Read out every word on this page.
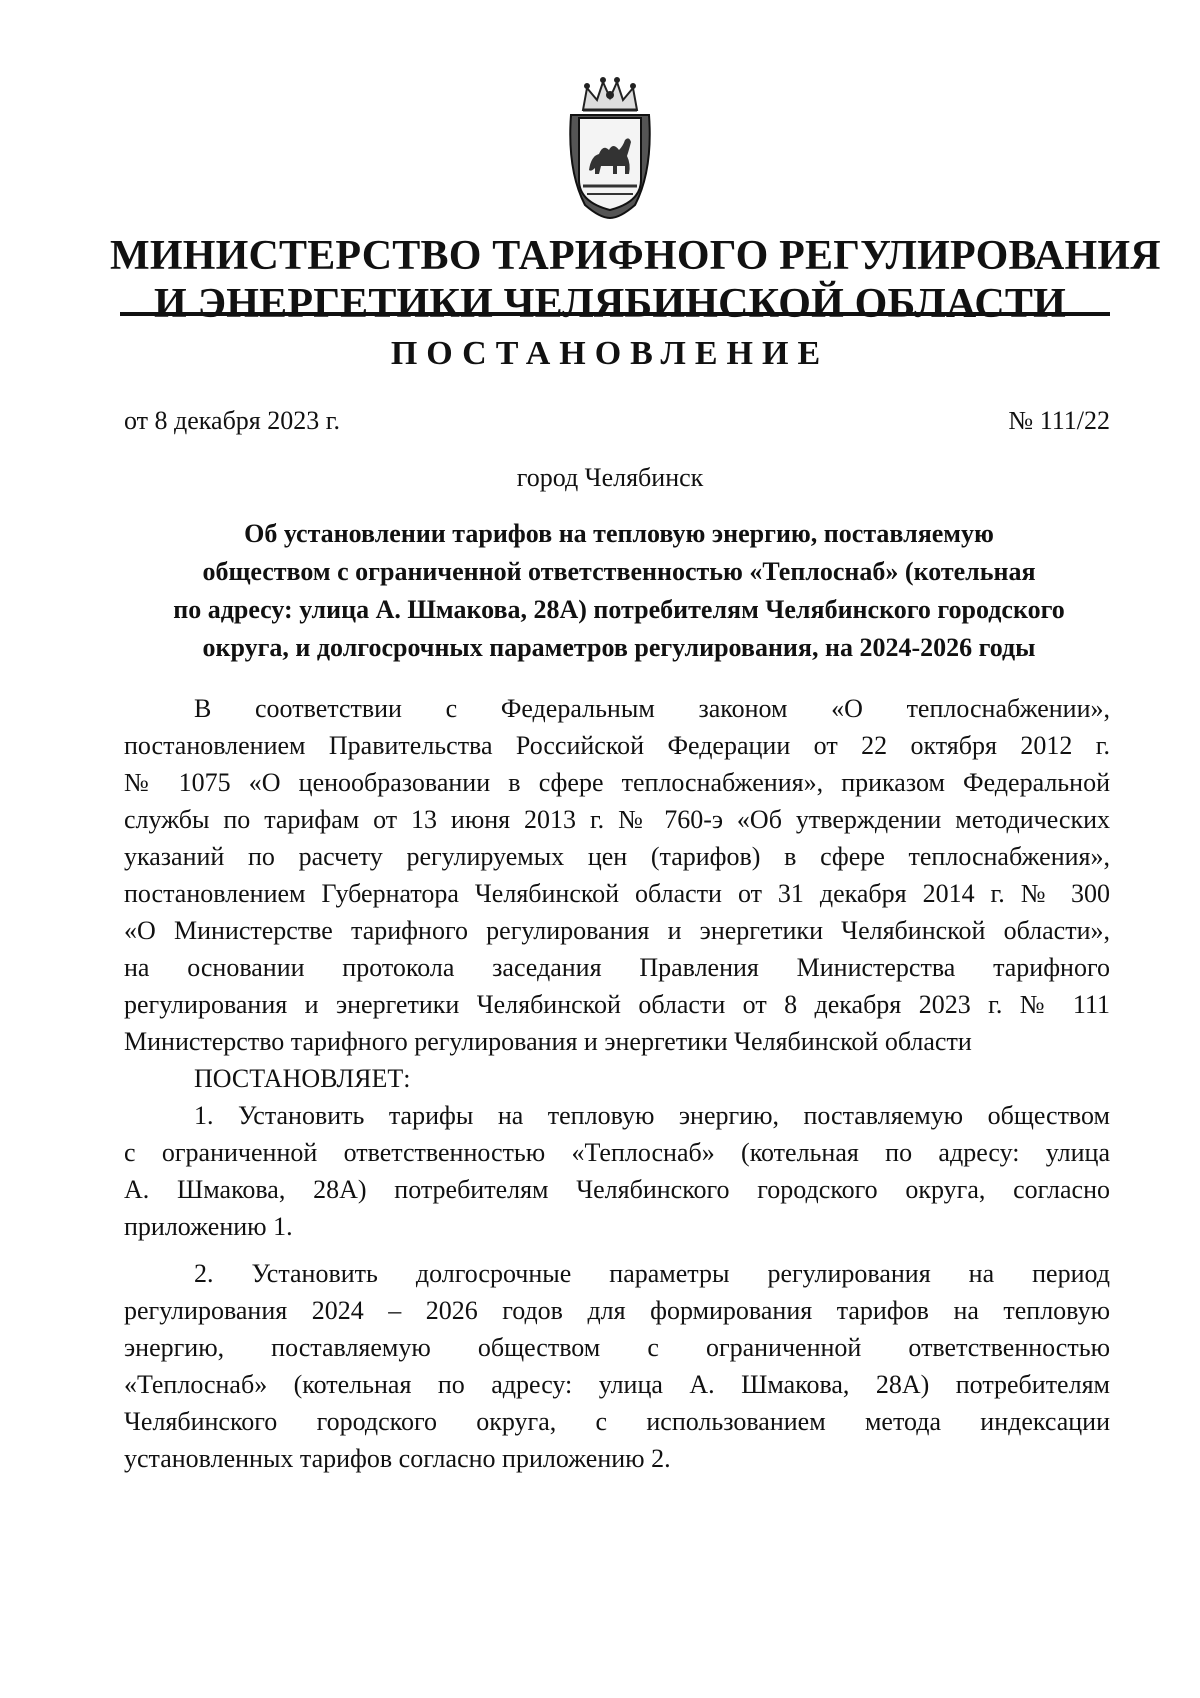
МИНИСТЕРСТВО ТАРИФНОГО РЕГУЛИРОВАНИЯ
И ЭНЕРГЕТИКИ ЧЕЛЯБИНСКОЙ ОБЛАСТИ
ПОСТАНОВЛЕНИЕ
от 8 декабря 2023 г.	№ 111/22
город Челябинск
Об установлении тарифов на тепловую энергию, поставляемую
обществом с ограниченной ответственностью «Теплоснаб» (котельная
по адресу: улица А. Шмакова, 28А) потребителям Челябинского городского
округа, и долгосрочных параметров регулирования, на 2024-2026 годы
В соответствии с Федеральным законом «О теплоснабжении»,
постановлением Правительства Российской Федерации от 22 октября 2012 г.
№ 1075 «О ценообразовании в сфере теплоснабжения», приказом Федеральной
службы по тарифам от 13 июня 2013 г. № 760-э «Об утверждении методических
указаний по расчету регулируемых цен (тарифов) в сфере теплоснабжения»,
постановлением Губернатора Челябинской области от 31 декабря 2014 г. № 300
«О Министерстве тарифного регулирования и энергетики Челябинской области»,
на основании протокола заседания Правления Министерства тарифного
регулирования и энергетики Челябинской области от 8 декабря 2023 г. № 111
Министерство тарифного регулирования и энергетики Челябинской области
ПОСТАНОВЛЯЕТ:
1. Установить тарифы на тепловую энергию, поставляемую обществом
с ограниченной ответственностью «Теплоснаб» (котельная по адресу: улица
А. Шмакова, 28А) потребителям Челябинского городского округа, согласно
приложению 1.
2. Установить долгосрочные параметры регулирования на период
регулирования 2024 – 2026 годов для формирования тарифов на тепловую
энергию, поставляемую обществом с ограниченной ответственностью
«Теплоснаб» (котельная по адресу: улица А. Шмакова, 28А) потребителям
Челябинского городского округа, с использованием метода индексации
установленных тарифов согласно приложению 2.
